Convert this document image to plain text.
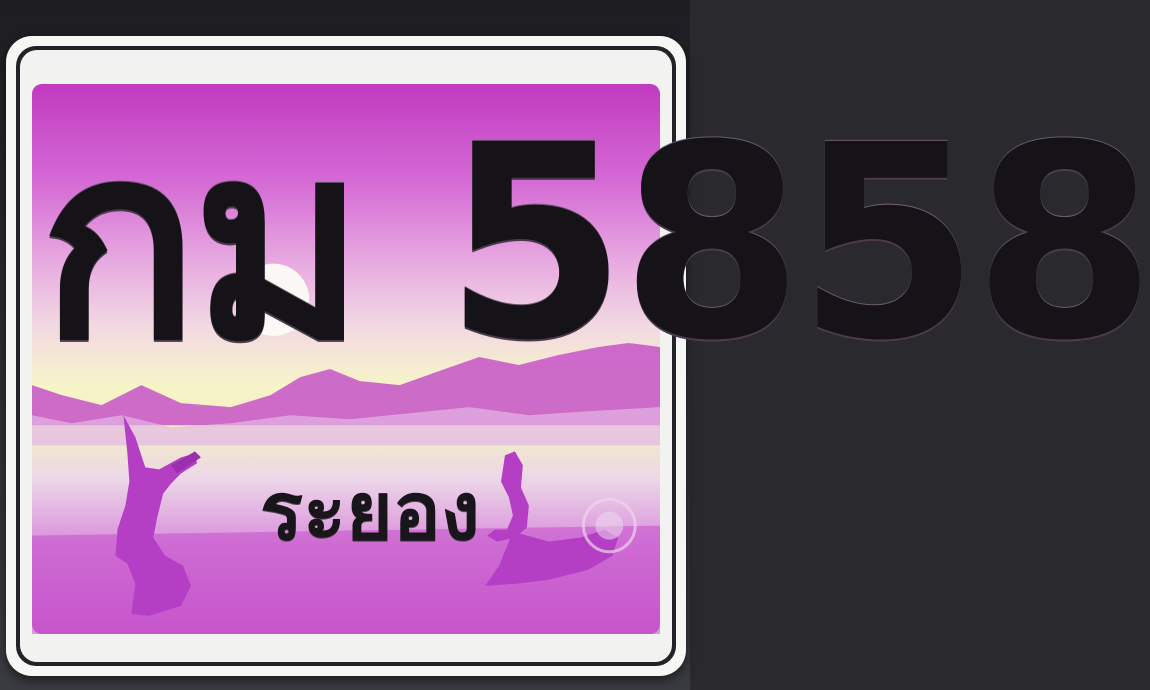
กม 5858
ระยอง
